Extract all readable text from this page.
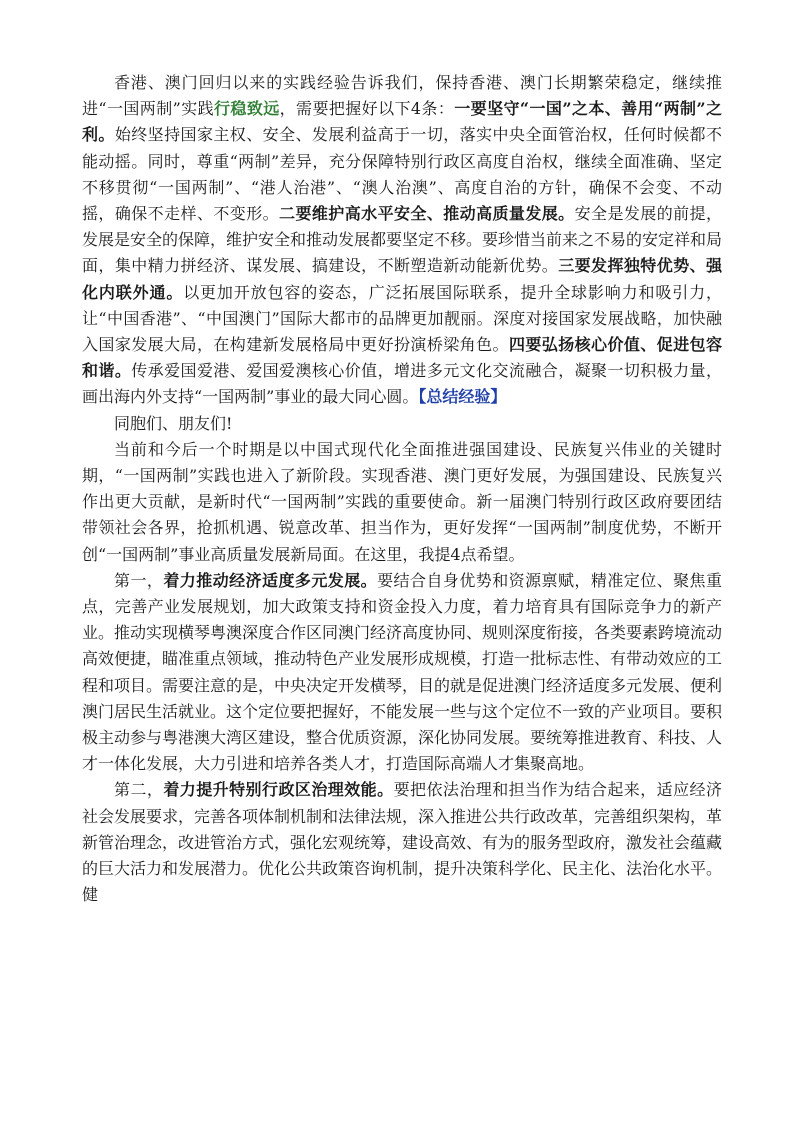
香港、澳门回归以来的实践经验告诉我们，保持香港、澳门长期繁荣稳定，继续推进“一国两制”实践行稳致远，需要把握好以下4条：一要坚守“一国”之本、善用“两制”之利。始终坚持国家主权、安全、发展利益高于一切，落实中央全面管治权，任何时候都不能动摇。同时，尊重“两制”差异，充分保障特别行政区高度自治权，继续全面准确、坚定不移贯彻“一国两制”、“港人治港”、“澳人治澳”、高度自治的方针，确保不会变、不动摇，确保不走样、不变形。二要维护高水平安全、推动高质量发展。安全是发展的前提，发展是安全的保障，维护安全和推动发展都要坚定不移。要珍惜当前来之不易的安定祥和局面，集中精力拼经济、谋发展、搞建设，不断塑造新动能新优势。三要发挥独特优势、强化内联外通。以更加开放包容的姿态，广泛拓展国际联系，提升全球影响力和吸引力，让“中国香港”、“中国澳门”国际大都市的品牌更加靓丽。深度对接国家发展战略，加快融入国家发展大局，在构建新发展格局中更好扮演桥梁角色。四要弘扬核心价值、促进包容和谐。传承爱国爱港、爱国爱澳核心价值，增进多元文化交流融合，凝聚一切积极力量，画出海内外支持“一国两制”事业的最大同心圆。【总结经验】

同胞们、朋友们!

当前和今后一个时期是以中国式现代化全面推进强国建设、民族复兴伟业的关键时期，“一国两制”实践也进入了新阶段。实现香港、澳门更好发展，为强国建设、民族复兴作出更大贡献，是新时代“一国两制”实践的重要使命。新一届澳门特别行政区政府要团结带领社会各界，抢抓机遇、锐意改革、担当作为，更好发挥“一国两制”制度优势，不断开创“一国两制”事业高质量发展新局面。在这里，我提4点希望。

第一，着力推动经济适度多元发展。要结合自身优势和资源禀赋，精准定位、聚焦重点，完善产业发展规划，加大政策支持和资金投入力度，着力培育具有国际竞争力的新产业。推动实现横琴粤澳深度合作区同澳门经济高度协同、规则深度衔接，各类要素跨境流动高效便捷，瞄准重点领域，推动特色产业发展形成规模，打造一批标志性、有带动效应的工程和项目。需要注意的是，中央决定开发横琴，目的就是促进澳门经济适度多元发展、便利澳门居民生活就业。这个定位要把握好，不能发展一些与这个定位不一致的产业项目。要积极主动参与粤港澳大湾区建设，整合优质资源，深化协同发展。要统筹推进教育、科技、人才一体化发展，大力引进和培养各类人才，打造国际高端人才集聚高地。

第二，着力提升特别行政区治理效能。要把依法治理和担当作为结合起来，适应经济社会发展要求，完善各项体制机制和法律法规，深入推进公共行政改革，完善组织架构，革新管治理念，改进管治方式，强化宏观统筹，建设高效、有为的服务型政府，激发社会蕴藏的巨大活力和发展潜力。优化公共政策咨询机制，提升决策科学化、民主化、法治化水平。健
